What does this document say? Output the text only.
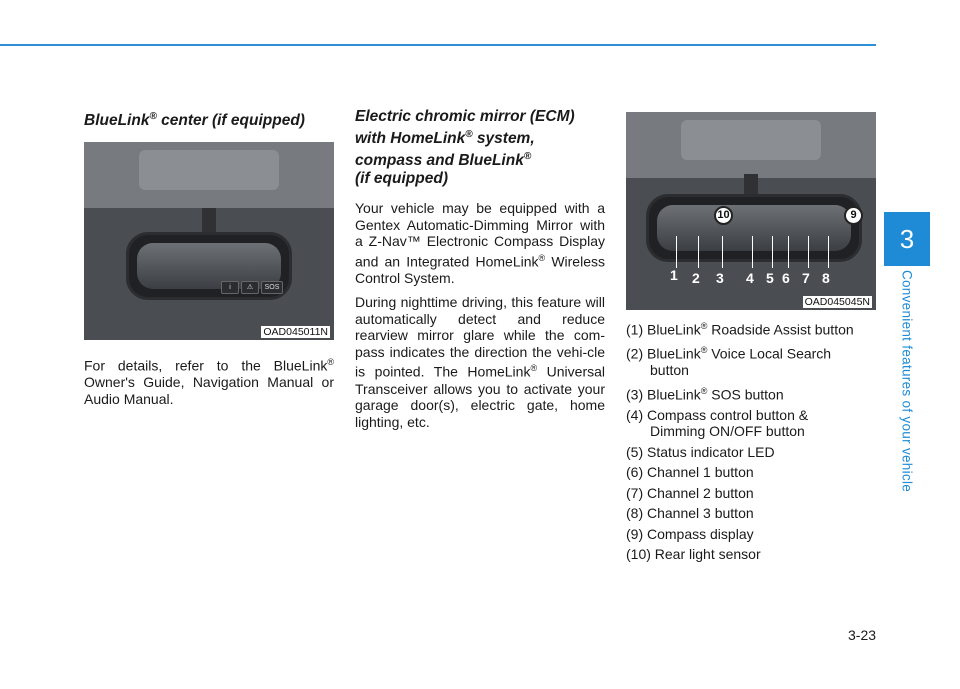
3
Convenient features of your vehicle
BlueLink® center (if equipped)
i	⚠	SOS
OAD045011N

For details, refer to the BlueLink® Owner's Guide, Navigation Manual or Audio Manual.

Electric chromic mirror (ECM)
with HomeLink® system,
compass and BlueLink®
(if equipped)

Your vehicle may be equipped with a Gentex Automatic-Dimming Mirror with a Z-Nav™ Electronic Compass Display and an Integrated HomeLink® Wireless Control System.

During nighttime driving, this feature will automatically detect and reduce rearview mirror glare while the com-pass indicates the direction the vehi-cle is pointed. The HomeLink® Universal Transceiver allows you to activate your garage door(s), electric gate, home lighting, etc.

10	9
1 2 3 4 5 6 7 8
OAD045045N
(1) BlueLink® Roadside Assist button
(2) BlueLink® Voice Local Search
button
(3) BlueLink® SOS button
(4) Compass control button &
Dimming ON/OFF button
(5) Status indicator LED
(6) Channel 1 button
(7) Channel 2 button
(8) Channel 3 button
(9) Compass display
(10) Rear light sensor
3-23
